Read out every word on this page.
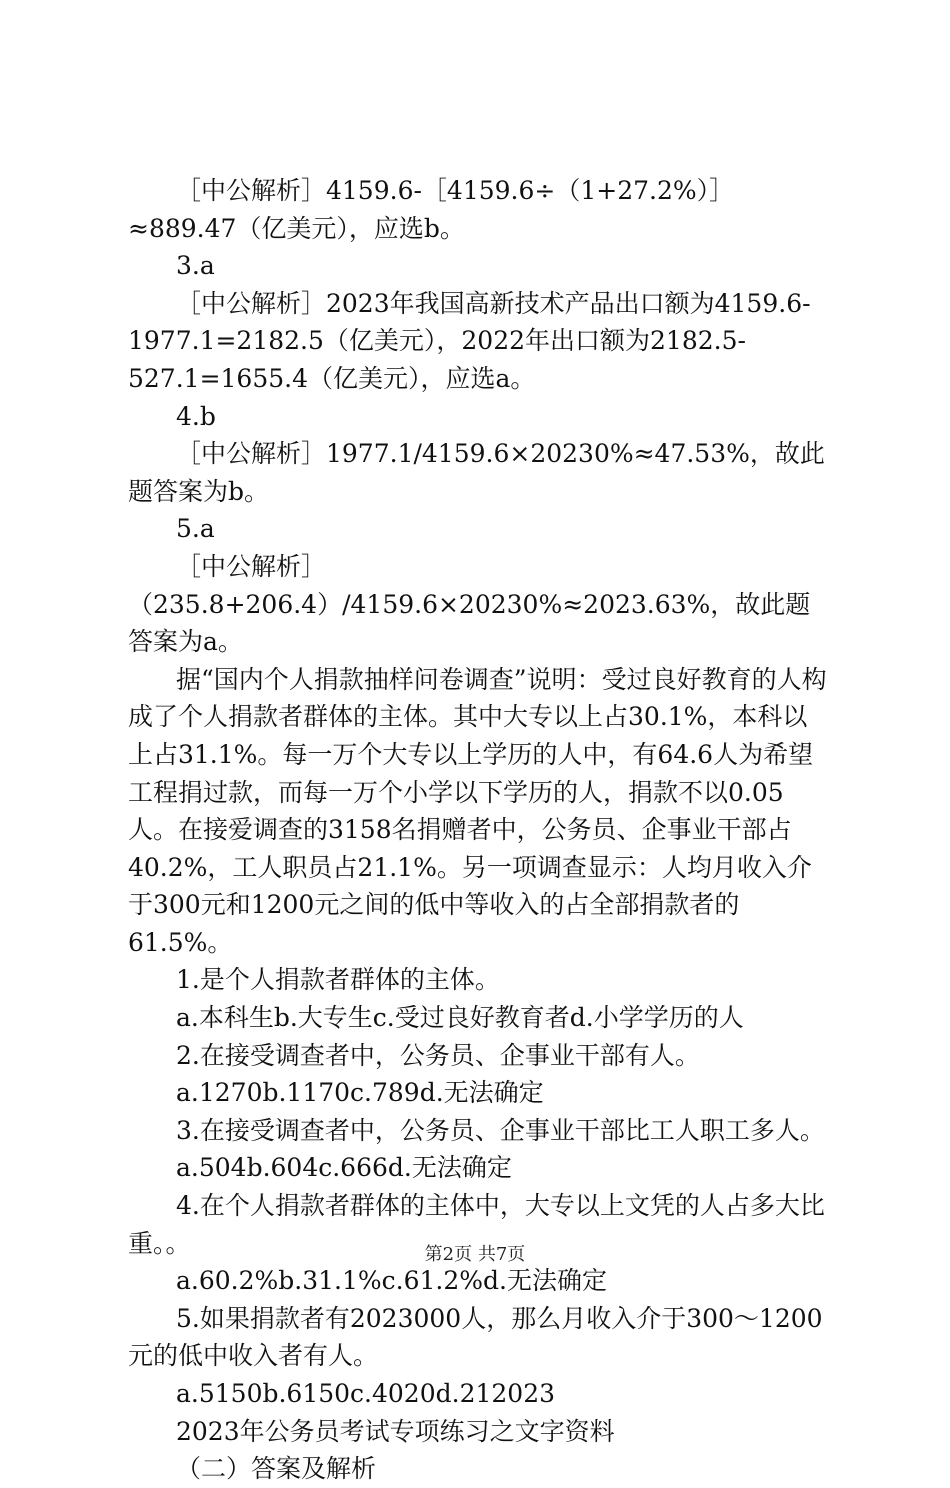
［中公解析］4159.6-［4159.6÷（1+27.2%）］≈889.47（亿美元），应选b。

3.a

［中公解析］2023年我国高新技术产品出口额为4159.6-1977.1=2182.5（亿美元），2022年出口额为2182.5-527.1=1655.4（亿美元），应选a。

4.b

［中公解析］1977.1/4159.6×20230%≈47.53%，故此题答案为b。

5.a

［中公解析］（235.8+206.4）/4159.6×20230%≈2023.63%，故此题答案为a。

据“国内个人捐款抽样问卷调查”说明：受过良好教育的人构成了个人捐款者群体的主体。其中大专以上占30.1%，本科以上占31.1%。每一万个大专以上学历的人中，有64.6人为希望工程捐过款，而每一万个小学以下学历的人，捐款不以0.05人。在接爱调查的3158名捐赠者中，公务员、企事业干部占40.2%，工人职员占21.1%。另一项调查显示：人均月收入介于300元和1200元之间的低中等收入的占全部捐款者的61.5%。

1.是个人捐款者群体的主体。

a.本科生b.大专生c.受过良好教育者d.小学学历的人

2.在接受调查者中，公务员、企事业干部有人。

a.1270b.1170c.789d.无法确定

3.在接受调查者中，公务员、企事业干部比工人职工多人。

a.504b.604c.666d.无法确定

4.在个人捐款者群体的主体中，大专以上文凭的人占多大比重。。

a.60.2%b.31.1%c.61.2%d.无法确定

5.如果捐款者有2023000人，那么月收入介于300～1200元的低中收入者有人。

a.5150b.6150c.4020d.212023

2023年公务员考试专项练习之文字资料

（二）答案及解析

第2页 共7页
